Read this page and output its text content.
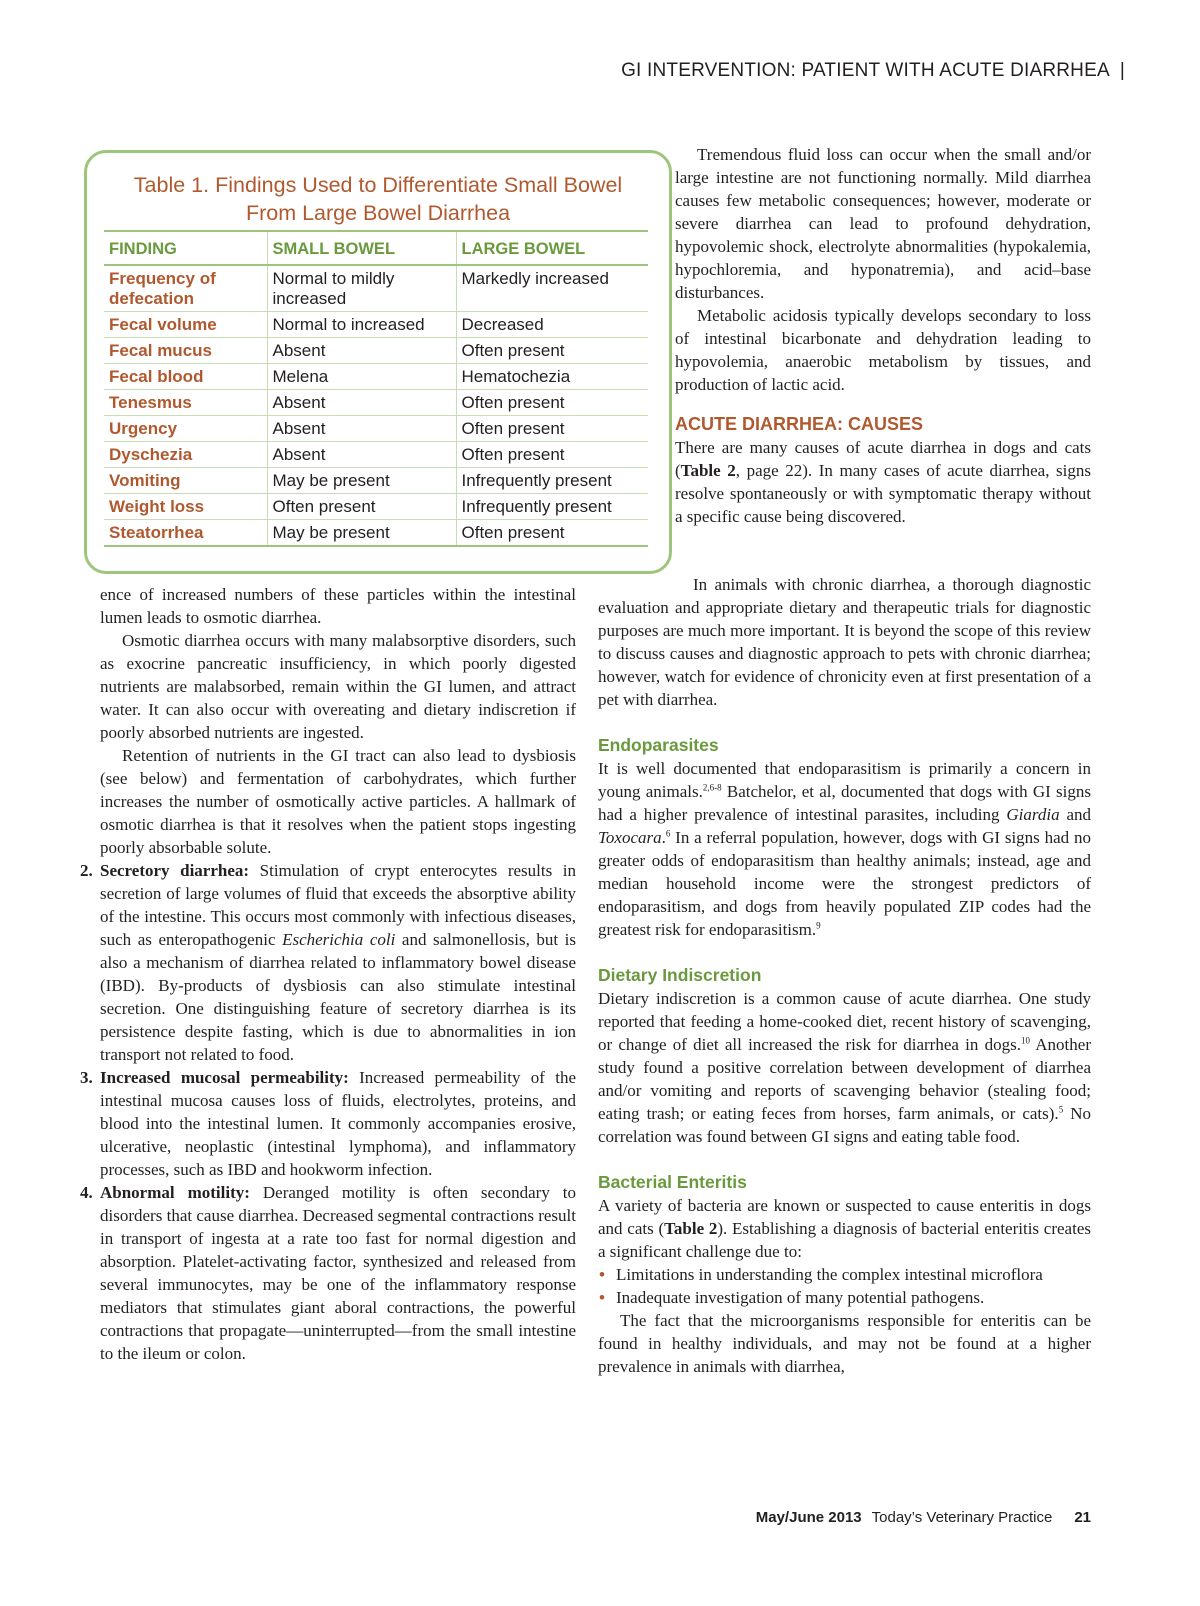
GI INTERVENTION: PATIENT WITH ACUTE DIARRHEA |
Table 1. Findings Used to Differentiate Small Bowel
From Large Bowel Diarrhea
FINDING	SMALL BOWEL	LARGE BOWEL
Frequency of defecation	Normal to mildly increased	Markedly increased
Fecal volume	Normal to increased	Decreased
Fecal mucus	Absent	Often present
Fecal blood	Melena	Hematochezia
Tenesmus	Absent	Often present
Urgency	Absent	Often present
Dyschezia	Absent	Often present
Vomiting	May be present	Infrequently present
Weight loss	Often present	Infrequently present
Steatorrhea	May be present	Often present

ence of increased numbers of these particles within the intestinal lumen leads to osmotic diarrhea.

Osmotic diarrhea occurs with many malabsorptive disorders, such as exocrine pancreatic insufficiency, in which poorly digested nutrients are malabsorbed, remain within the GI lumen, and attract water. It can also occur with overeating and dietary indiscretion if poorly absorbed nutrients are ingested.

Retention of nutrients in the GI tract can also lead to dysbiosis (see below) and fermentation of carbohydrates, which further increases the number of osmotically active particles. A hallmark of osmotic diarrhea is that it resolves when the patient stops ingesting poorly absorbable solute.

2. Secretory diarrhea: Stimulation of crypt enterocytes results in secretion of large volumes of fluid that exceeds the absorptive ability of the intestine. This occurs most commonly with infectious diseases, such as enteropathogenic Escherichia coli and salmonellosis, but is also a mechanism of diarrhea related to inflammatory bowel disease (IBD). By-products of dysbiosis can also stimulate intestinal secretion. One distinguishing feature of secretory diarrhea is its persistence despite fasting, which is due to abnormalities in ion transport not related to food.
3. Increased mucosal permeability: Increased permeability of the intestinal mucosa causes loss of fluids, electrolytes, proteins, and blood into the intestinal lumen. It commonly accompanies erosive, ulcerative, neoplastic (intestinal lymphoma), and inflammatory processes, such as IBD and hookworm infection.
4. Abnormal motility: Deranged motility is often secondary to disorders that cause diarrhea. Decreased segmental contractions result in transport of ingesta at a rate too fast for normal digestion and absorption. Platelet-activating factor, synthesized and released from several immunocytes, may be one of the inflammatory response mediators that stimulates giant aboral contractions, the powerful contractions that propagate—uninterrupted—from the small intestine to the ileum or colon.

Tremendous fluid loss can occur when the small and/or large intestine are not functioning normally. Mild diarrhea causes few metabolic consequences; however, moderate or severe diarrhea can lead to profound dehydration, hypovolemic shock, electrolyte abnormalities (hypokalemia, hypochloremia, and hyponatremia), and acid–base disturbances.

Metabolic acidosis typically develops secondary to loss of intestinal bicarbonate and dehydration leading to hypovolemia, anaerobic metabolism by tissues, and production of lactic acid.

ACUTE DIARRHEA: CAUSES

There are many causes of acute diarrhea in dogs and cats (Table 2, page 22). In many cases of acute diarrhea, signs resolve spontaneously or with symptomatic therapy without a specific cause being discovered.

In animals with chronic diarrhea, a thorough diagnostic evaluation and appropriate dietary and therapeutic trials for diagnostic purposes are much more important. It is beyond the scope of this review to discuss causes and diagnostic approach to pets with chronic diarrhea; however, watch for evidence of chronicity even at first presentation of a pet with diarrhea.

Endoparasites

It is well documented that endoparasitism is primarily a concern in young animals.$^{2,6-8}$ Batchelor, et al, documented that dogs with GI signs had a higher prevalence of intestinal parasites, including Giardia and Toxocara.$^6$ In a referral population, however, dogs with GI signs had no greater odds of endoparasitism than healthy animals; instead, age and median household income were the strongest predictors of endoparasitism, and dogs from heavily populated ZIP codes had the greatest risk for endoparasitism.$^9$

Dietary Indiscretion

Dietary indiscretion is a common cause of acute diarrhea. One study reported that feeding a home-cooked diet, recent history of scavenging, or change of diet all increased the risk for diarrhea in dogs.$^{10}$ Another study found a positive correlation between development of diarrhea and/or vomiting and reports of scavenging behavior (stealing food; eating trash; or eating feces from horses, farm animals, or cats).$^5$ No correlation was found between GI signs and eating table food.

Bacterial Enteritis

A variety of bacteria are known or suspected to cause enteritis in dogs and cats (Table 2). Establishing a diagnosis of bacterial enteritis creates a significant challenge due to:

• Limitations in understanding the complex intestinal microflora
• Inadequate investigation of many potential pathogens.

The fact that the microorganisms responsible for enteritis can be found in healthy individuals, and may not be found at a higher prevalence in animals with diarrhea,

May/June 2013 Today’s Veterinary Practice 21
